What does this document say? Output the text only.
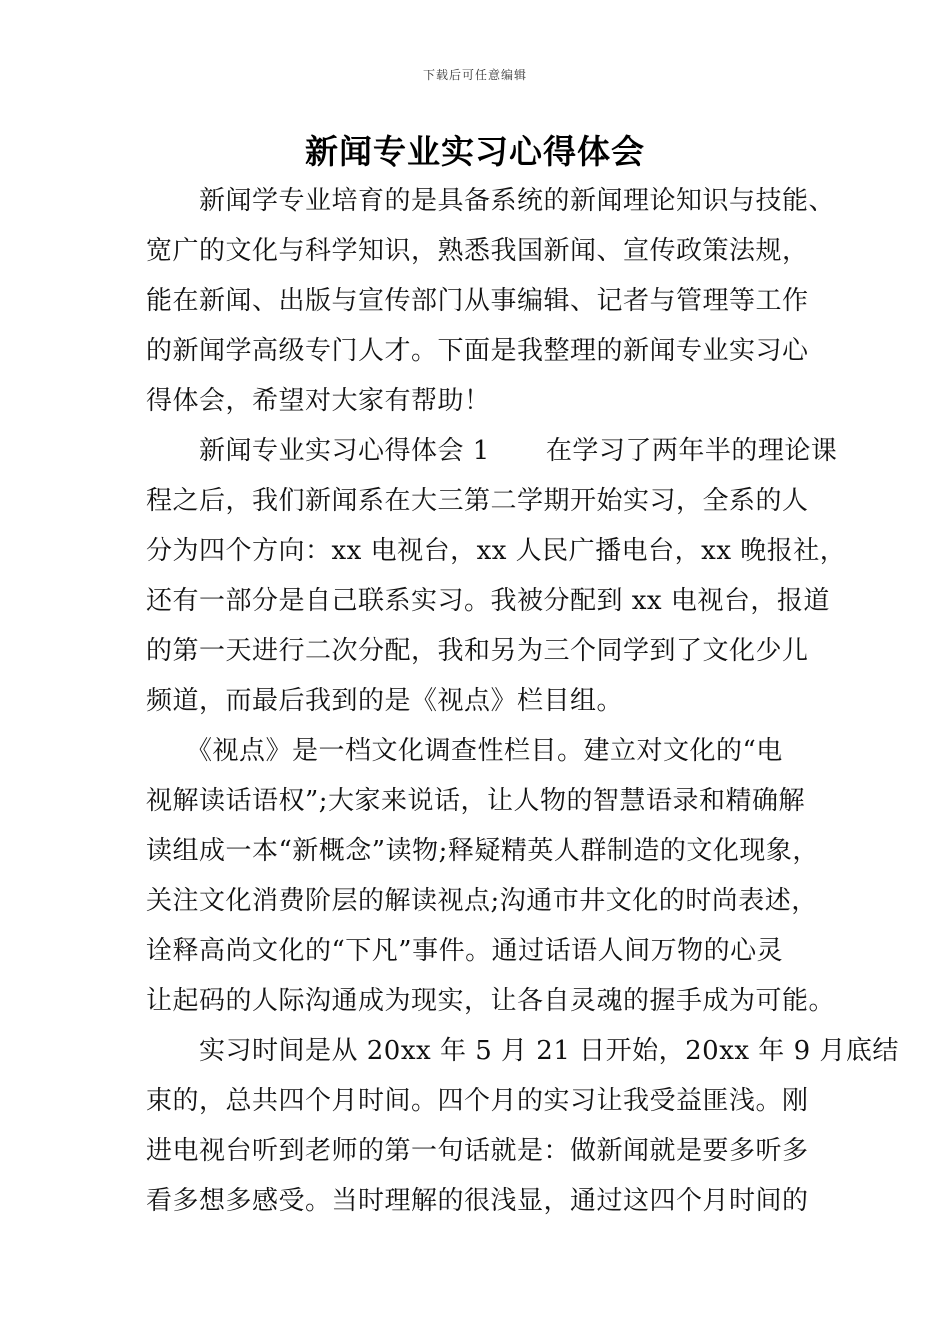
下载后可任意编辑
新闻专业实习心得体会
　　新闻学专业培育的是具备系统的新闻理论知识与技能、
宽广的文化与科学知识，熟悉我国新闻、宣传政策法规，
能在新闻、出版与宣传部门从事编辑、记者与管理等工作
的新闻学高级专门人才。下面是我整理的新闻专业实习心
得体会，希望对大家有帮助！
　　新闻专业实习心得体会 1 在学习了两年半的理论课
程之后，我们新闻系在大三第二学期开始实习，全系的人
分为四个方向：xx 电视台，xx 人民广播电台，xx 晚报社，
还有一部分是自己联系实习。我被分配到 xx 电视台，报道
的第一天进行二次分配，我和另为三个同学到了文化少儿
频道，而最后我到的是《视点》栏目组。
　　《视点》是一档文化调查性栏目。建立对文化的“电
视解读话语权”;大家来说话，让人物的智慧语录和精确解
读组成一本“新概念”读物;释疑精英人群制造的文化现象，
关注文化消费阶层的解读视点;沟通市井文化的时尚表述，
诠释高尚文化的“下凡”事件。通过话语人间万物的心灵
让起码的人际沟通成为现实，让各自灵魂的握手成为可能。
　　实习时间是从 20xx 年 5 月 21 日开始，20xx 年 9 月底结
束的，总共四个月时间。四个月的实习让我受益匪浅。刚
进电视台听到老师的第一句话就是：做新闻就是要多听多
看多想多感受。当时理解的很浅显，通过这四个月时间的
